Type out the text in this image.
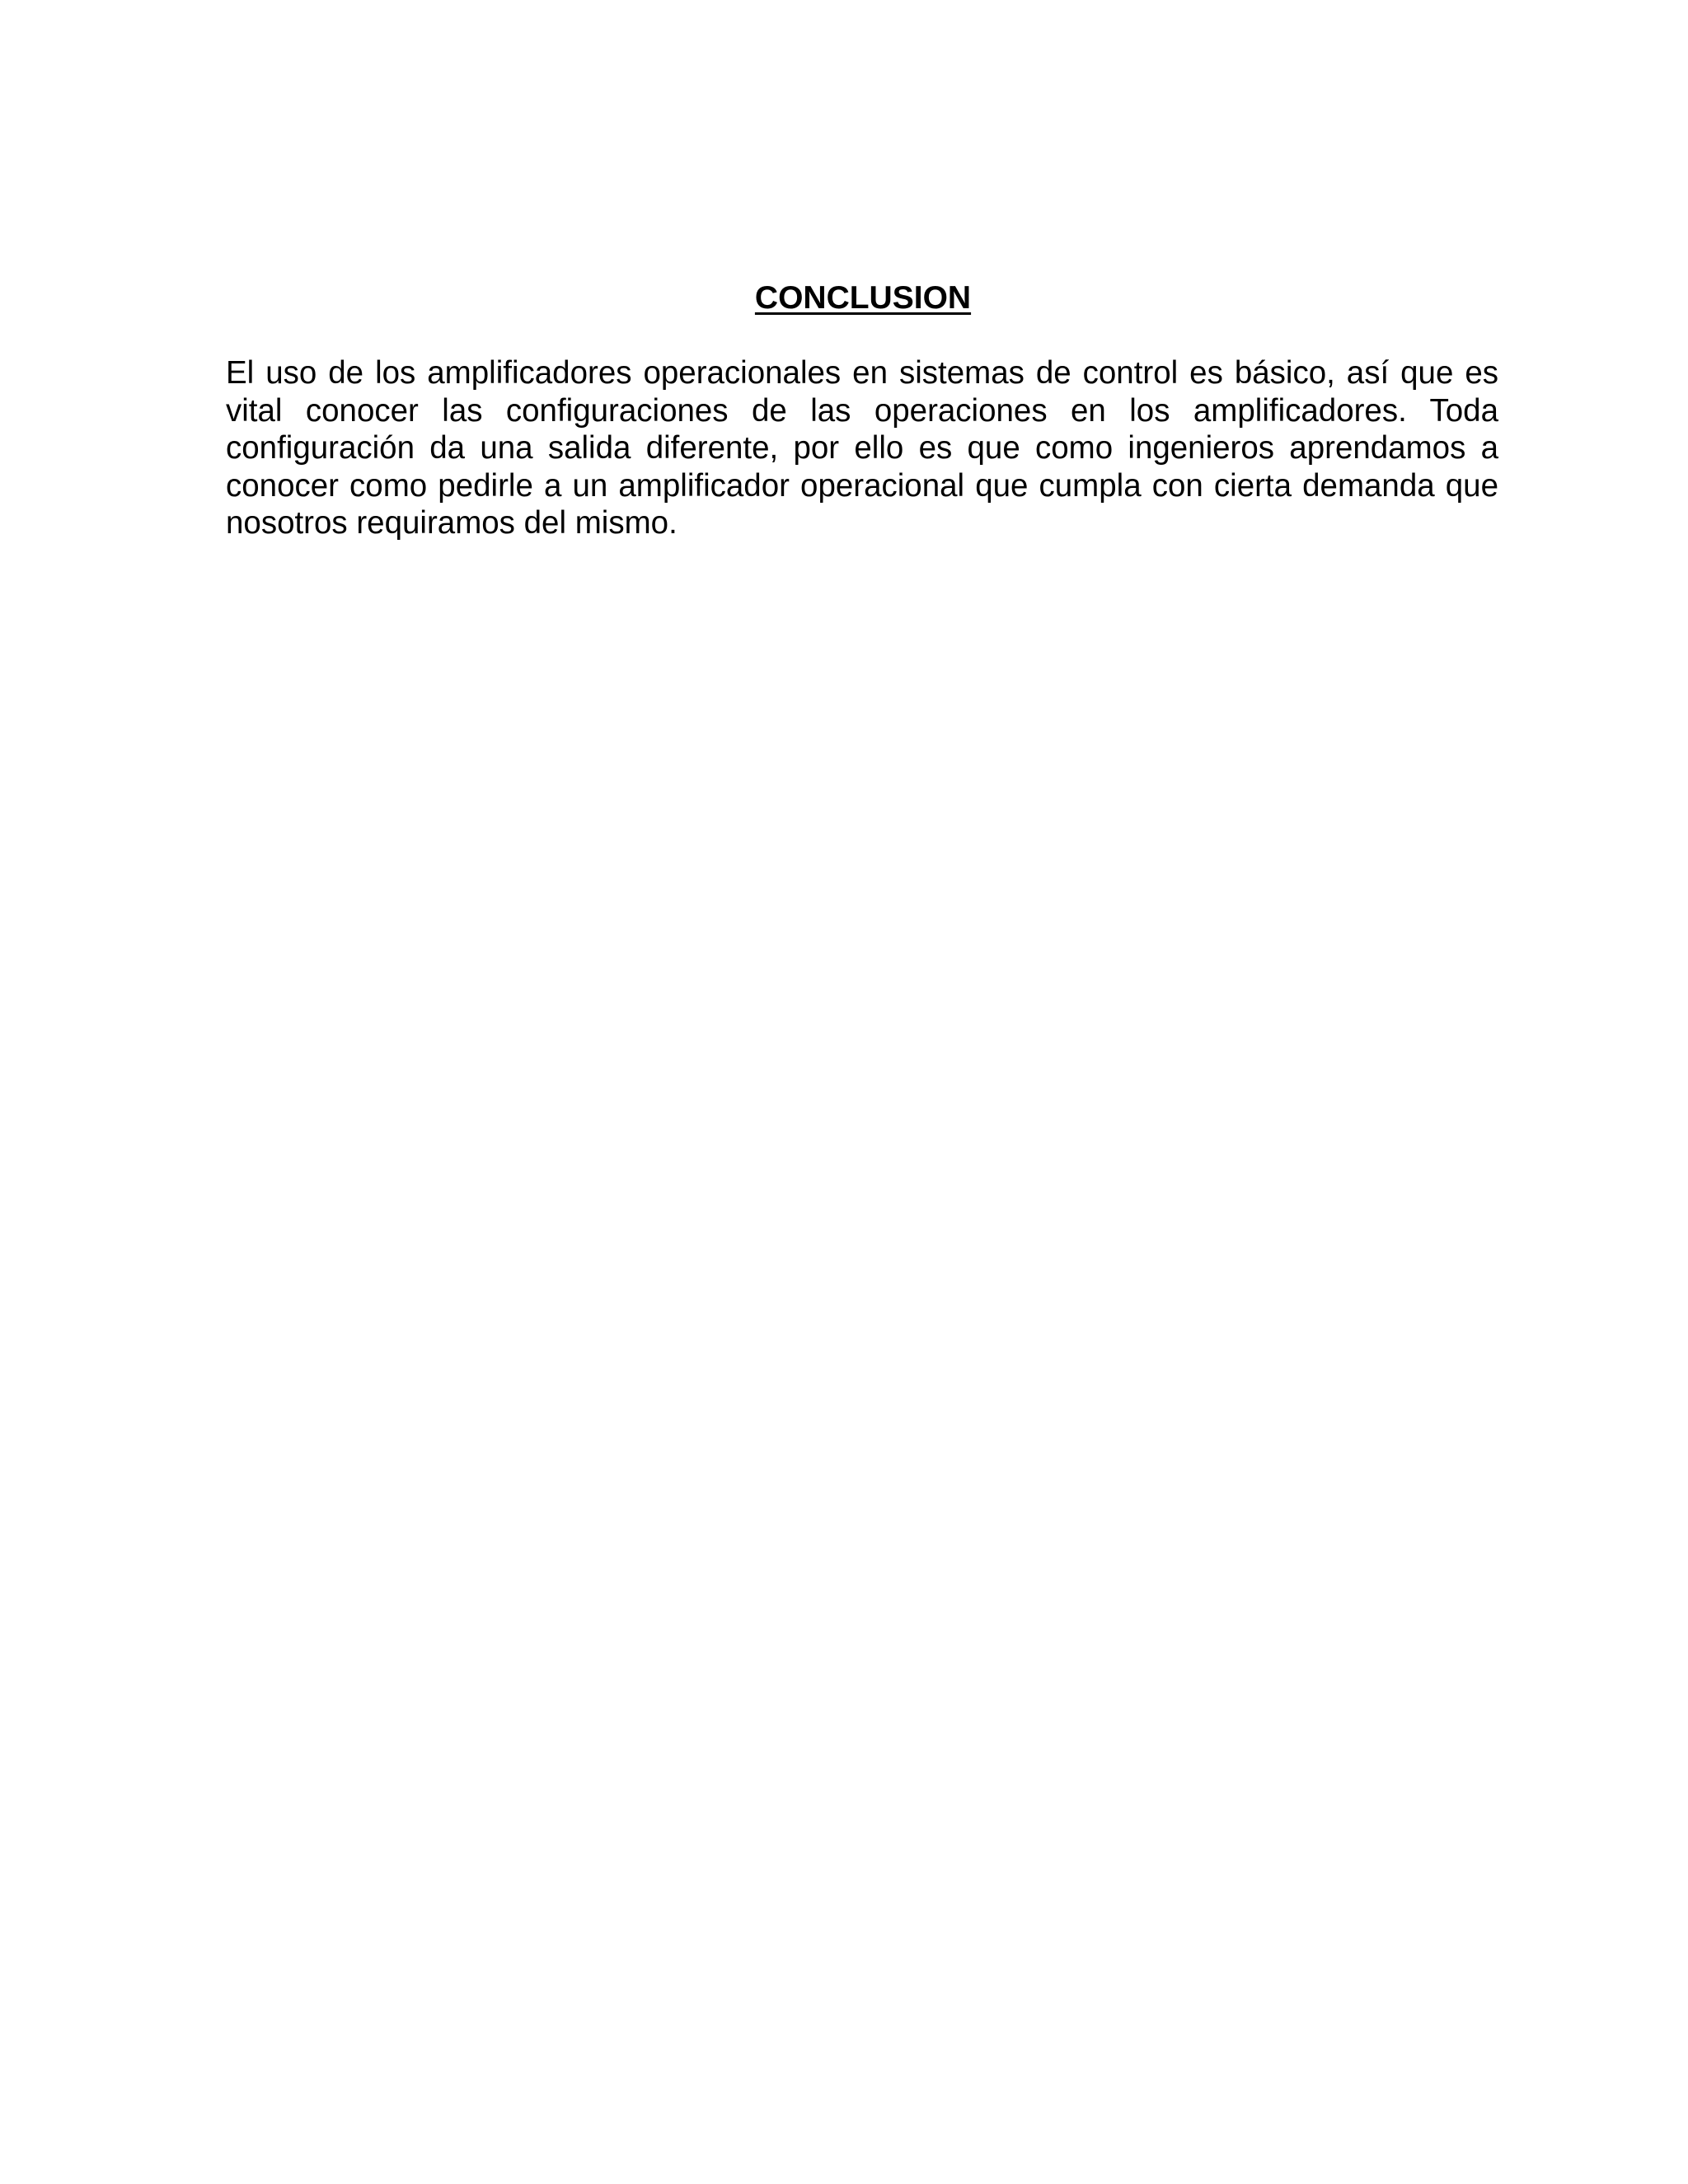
CONCLUSION

El uso de los amplificadores operacionales en sistemas de control es básico, así que es vital conocer las configuraciones de las operaciones en los amplificadores. Toda configuración da una salida diferente, por ello es que como ingenieros aprendamos a conocer como pedirle a un amplificador operacional que cumpla con cierta demanda que nosotros requiramos del mismo.
